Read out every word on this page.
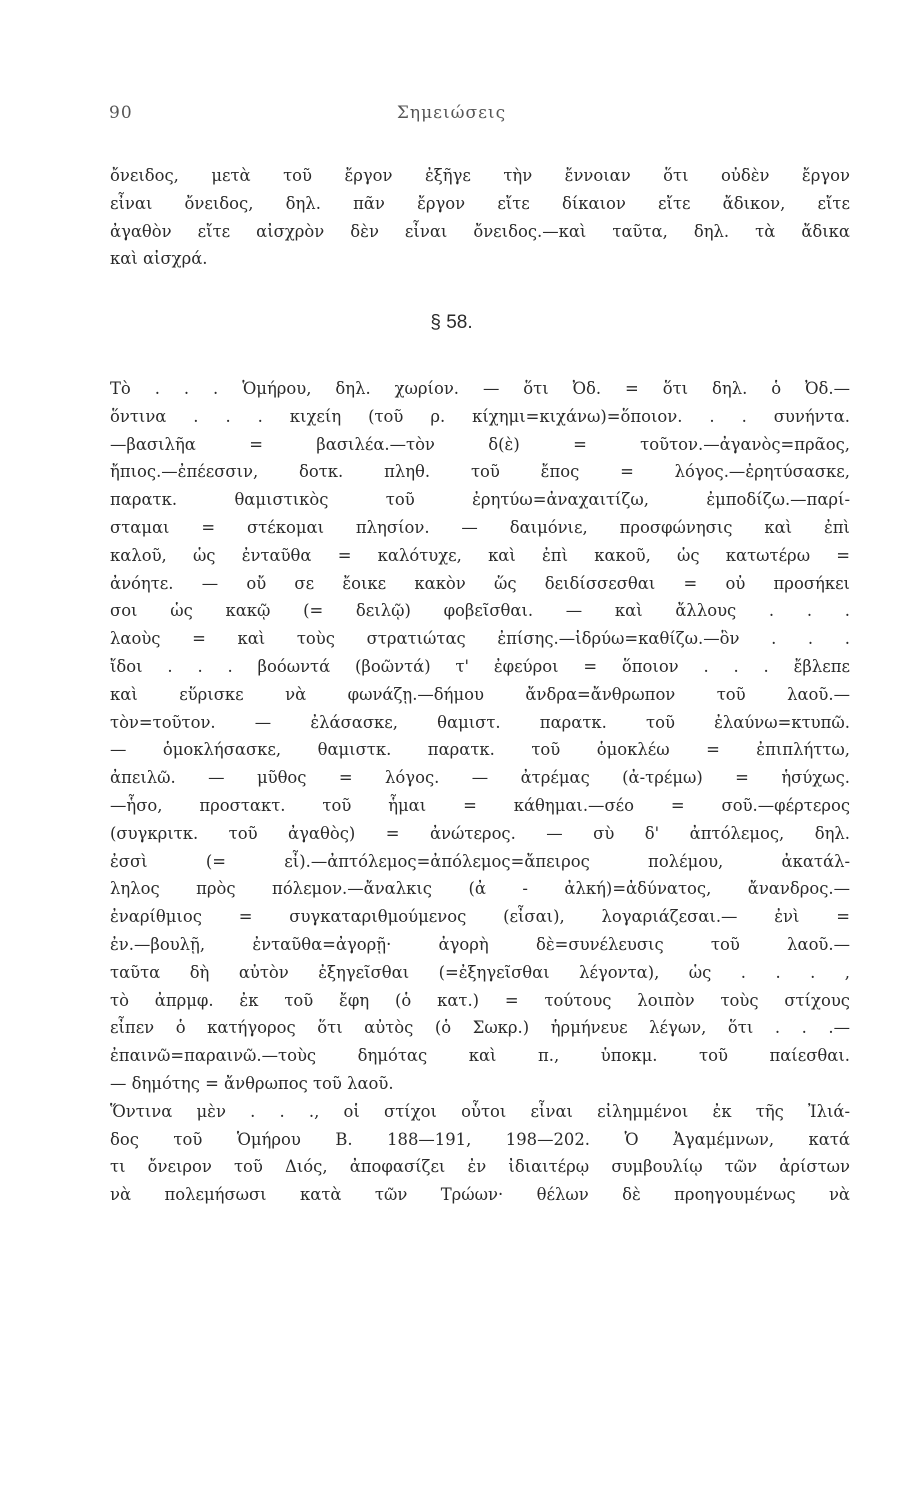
90	Σημειώσεις
ὄνειδος, μετὰ τοῦ ἔργον ἐξῆγε τὴν ἔννοιαν ὅτι οὐδὲν ἔργον
εἶναι ὄνειδος, δηλ. πᾶν ἔργον εἴτε δίκαιον εἴτε ἄδικον, εἴτε
ἀγαθὸν εἴτε αἰσχρὸν δὲν εἶναι ὄνειδος.—καὶ ταῦτα, δηλ. τὰ ἄδικα
καὶ αἰσχρά.
§ 58.
Τὸ . . . Ὁμήρου, δηλ. χωρίον. — ὅτι Ὀδ. = ὅτι δηλ. ὁ Ὀδ.—
ὅντινα . . . κιχείη (τοῦ ρ. κίχημι=κιχάνω)=ὅποιον. . . συνήντα.
—βασιλῆα = βασιλέα.—τὸν δ(ὲ) = τοῦτον.—ἀγανὸς=πρᾶος,
ἤπιος.—ἐπέεσσιν, δοτκ. πληθ. τοῦ ἔπος = λόγος.—ἐρητύσασκε,
παρατκ. θαμιστικὸς τοῦ ἐρητύω=ἀναχαιτίζω, ἐμποδίζω.—παρί-
σταμαι = στέκομαι πλησίον. — δαιμόνιε, προσφώνησις καὶ ἐπὶ
καλοῦ, ὡς ἐνταῦθα = καλότυχε, καὶ ἐπὶ κακοῦ, ὡς κατωτέρω =
ἀνόητε. — οὔ σε ἔοικε κακὸν ὥς δειδίσσεσθαι = οὐ προσήκει
σοι ὡς κακῷ (= δειλῷ) φοβεῖσθαι. — καὶ ἄλλους . . .
λαοὺς = καὶ τοὺς στρατιώτας ἐπίσης.—ἱδρύω=καθίζω.—ὃν . . .
ἴδοι . . . βοόωντά (βοῶντά) τ' ἐφεύροι = ὅποιον . . . ἔβλεπε
καὶ εὕρισκε νὰ φωνάζῃ.—δήμου ἄνδρα=ἄνθρωπον τοῦ λαοῦ.—
τὸν=τοῦτον. — ἐλάσασκε, θαμιστ. παρατκ. τοῦ ἐλαύνω=κτυπῶ.
— ὁμοκλήσασκε, θαμιστκ. παρατκ. τοῦ ὁμοκλέω = ἐπιπλήττω,
ἀπειλῶ. — μῦθος = λόγος. — ἀτρέμας (ἀ-τρέμω) = ἡσύχως.
—ἧσο, προστακτ. τοῦ ἧμαι = κάθημαι.—σέο = σοῦ.—φέρτερος
(συγκριτκ. τοῦ ἀγαθὸς) = ἀνώτερος. — σὺ δ' ἀπτόλεμος, δηλ.
ἐσσὶ (= εἶ).—ἀπτόλεμος=ἀπόλεμος=ἄπειρος πολέμου, ἀκατάλ-
ληλος πρὸς πόλεμον.—ἄναλκις (ἀ - ἀλκή)=ἀδύνατος, ἄνανδρος.—
ἐναρίθμιος = συγκαταριθμούμενος (εἶσαι), λογαριάζεσαι.— ἐνὶ =
ἐν.—βουλῇ, ἐνταῦθα=ἀγορῇ· ἀγορὴ δὲ=συνέλευσις τοῦ λαοῦ.—
ταῦτα δὴ αὐτὸν ἐξηγεῖσθαι (=ἐξηγεῖσθαι λέγοντα), ὡς . . . ,
τὸ ἀπρμφ. ἐκ τοῦ ἔφη (ὁ κατ.) = τούτους λοιπὸν τοὺς στίχους
εἶπεν ὁ κατήγορος ὅτι αὐτὸς (ὁ Σωκρ.) ἡρμήνευε λέγων, ὅτι . . .—
ἐπαινῶ=παραινῶ.—τοὺς δημότας καὶ π., ὑποκμ. τοῦ παίεσθαι.
— δημότης = ἄνθρωπος τοῦ λαοῦ.
Ὅντινα μὲν . . ., οἱ στίχοι οὗτοι εἶναι εἰλημμένοι ἐκ τῆς Ἰλιά-
δος τοῦ Ὁμήρου Β. 188—191, 198—202. Ὁ Ἀγαμέμνων, κατά
τι ὄνειρον τοῦ Διός, ἀποφασίζει ἐν ἰδιαιτέρῳ συμβουλίῳ τῶν ἀρίστων
νὰ πολεμήσωσι κατὰ τῶν Τρώων· θέλων δὲ προηγουμένως νὰ
